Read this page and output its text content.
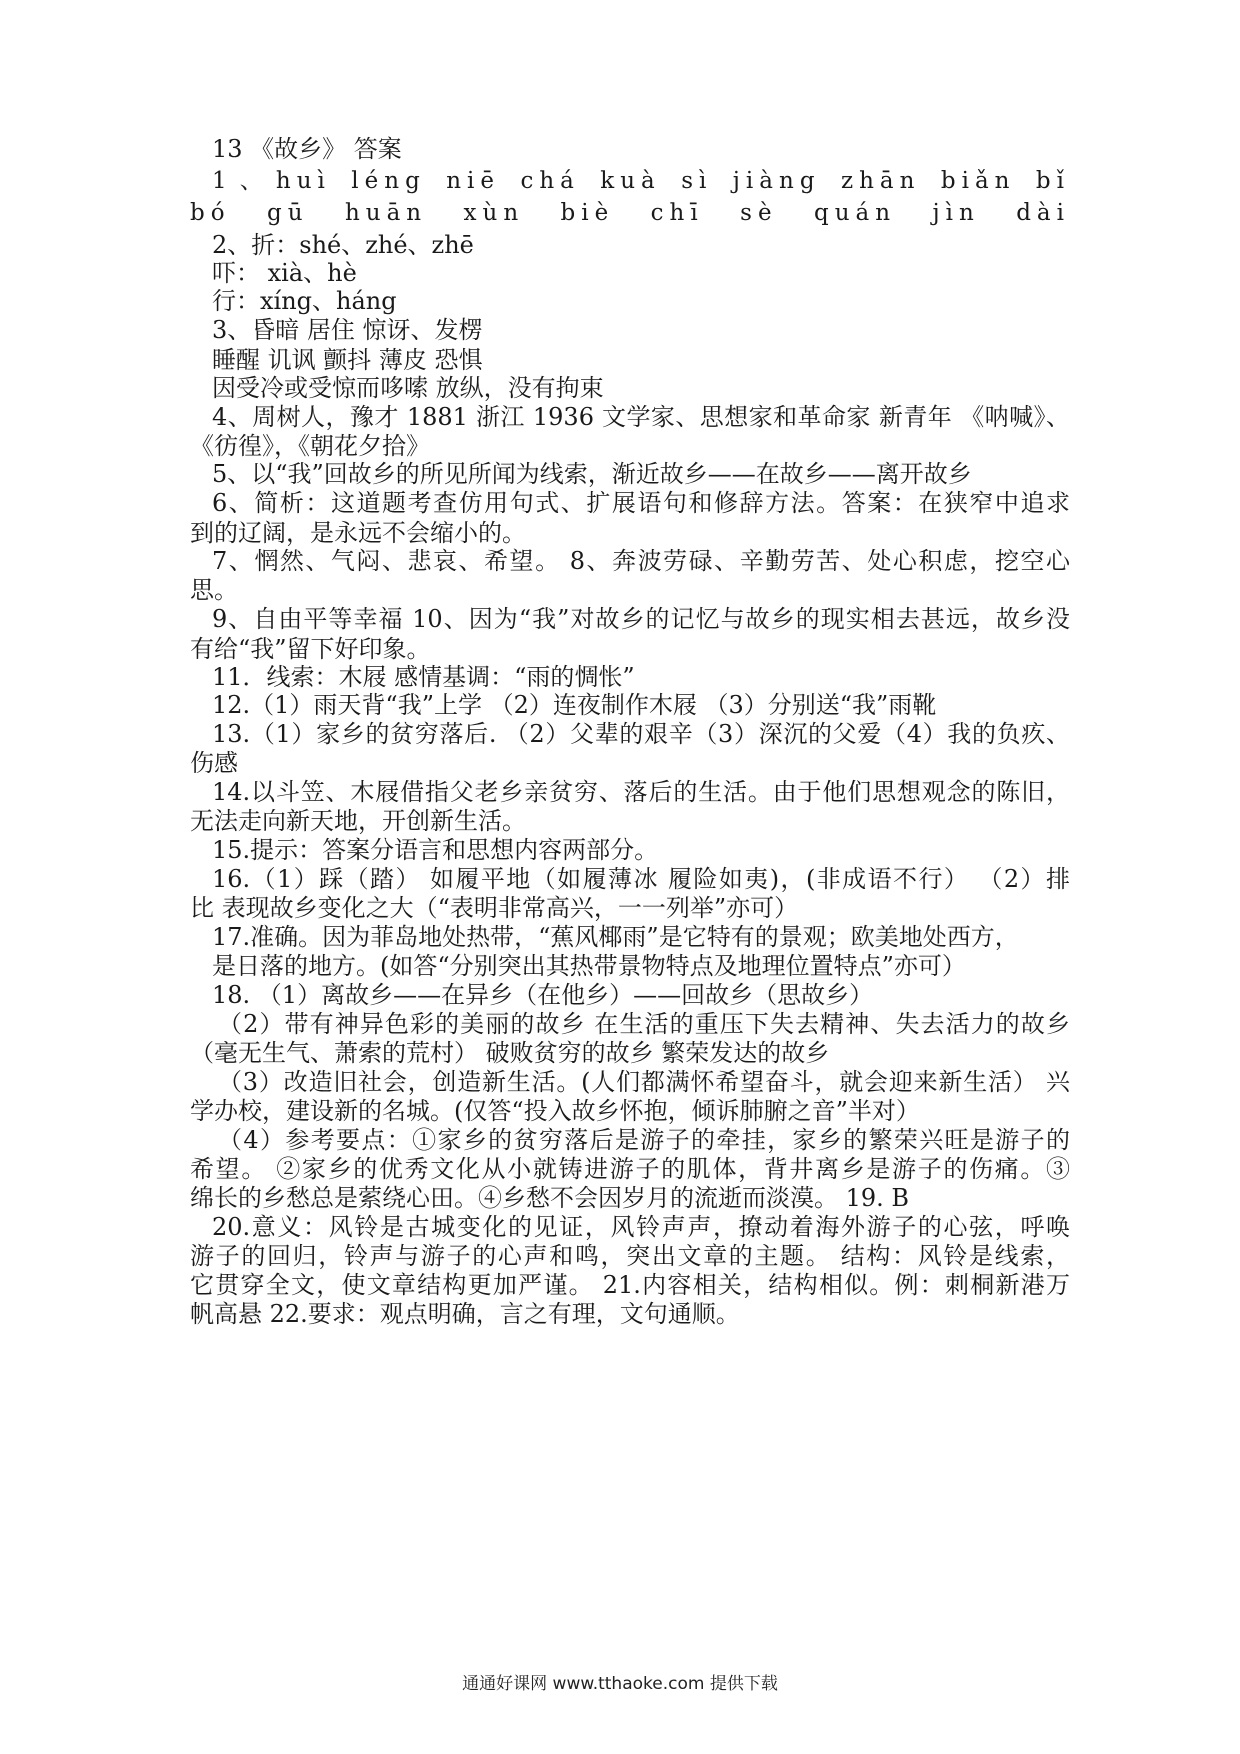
13 《故乡》 答案
1、huì léng niē chá kuà sì jiàng zhān biǎn bǐ
bó gū huān xùn biè chī sè quán jìn dài
2、折：shé、zhé、zhē
吓： xià、hè
行：xíng、háng
3、昏暗 居住 惊讶、发楞
睡醒 讥讽 颤抖 薄皮 恐惧
因受冷或受惊而哆嗦 放纵，没有拘束
4、周树人，豫才 1881 浙江 1936 文学家、思想家和革命家 新青年 《呐喊》、
《彷徨》，《朝花夕拾》
5、以“我”回故乡的所见所闻为线索，渐近故乡——在故乡——离开故乡
6、简析：这道题考查仿用句式、扩展语句和修辞方法。答案：在狭窄中追求
到的辽阔，是永远不会缩小的。
7、惘然、气闷、悲哀、希望。 8、奔波劳碌、辛勤劳苦、处心积虑，挖空心
思。
9、自由平等幸福 10、因为“我”对故乡的记忆与故乡的现实相去甚远，故乡没
有给“我”留下好印象。
11．线索：木屐 感情基调：“雨的惆怅”
12.（1）雨天背“我”上学 （2）连夜制作木屐 （3）分别送“我”雨靴
13.（1）家乡的贫穷落后. （2）父辈的艰辛（3）深沉的父爱（4）我的负疚、
伤感
14.以斗笠、木屐借指父老乡亲贫穷、落后的生活。由于他们思想观念的陈旧，
无法走向新天地，开创新生活。
15.提示：答案分语言和思想内容两部分。
16.（1）踩（踏） 如履平地（如履薄冰 履险如夷)，(非成语不行） （2）排
比 表现故乡变化之大（“表明非常高兴，一一列举”亦可）
17.准确。因为菲岛地处热带，“蕉风椰雨”是它特有的景观；欧美地处西方，
是日落的地方。(如答“分别突出其热带景物特点及地理位置特点”亦可）
18. （1）离故乡——在异乡（在他乡）——回故乡（思故乡）
（2）带有神异色彩的美丽的故乡 在生活的重压下失去精神、失去活力的故乡
（毫无生气、萧索的荒村） 破败贫穷的故乡 繁荣发达的故乡
（3）改造旧社会，创造新生活。(人们都满怀希望奋斗，就会迎来新生活） 兴
学办校，建设新的名城。(仅答“投入故乡怀抱，倾诉肺腑之音”半对）
（4）参考要点：①家乡的贫穷落后是游子的牵挂，家乡的繁荣兴旺是游子的
希望。 ②家乡的优秀文化从小就铸进游子的肌体，背井离乡是游子的伤痛。③
绵长的乡愁总是萦绕心田。④乡愁不会因岁月的流逝而淡漠。 19. B
20.意义：风铃是古城变化的见证，风铃声声，撩动着海外游子的心弦，呼唤
游子的回归，铃声与游子的心声和鸣，突出文章的主题。 结构：风铃是线索，
它贯穿全文，使文章结构更加严谨。 21.内容相关，结构相似。例：刺桐新港万
帆高悬 22.要求：观点明确，言之有理，文句通顺。
通通好课网 www.tthaoke.com 提供下载
